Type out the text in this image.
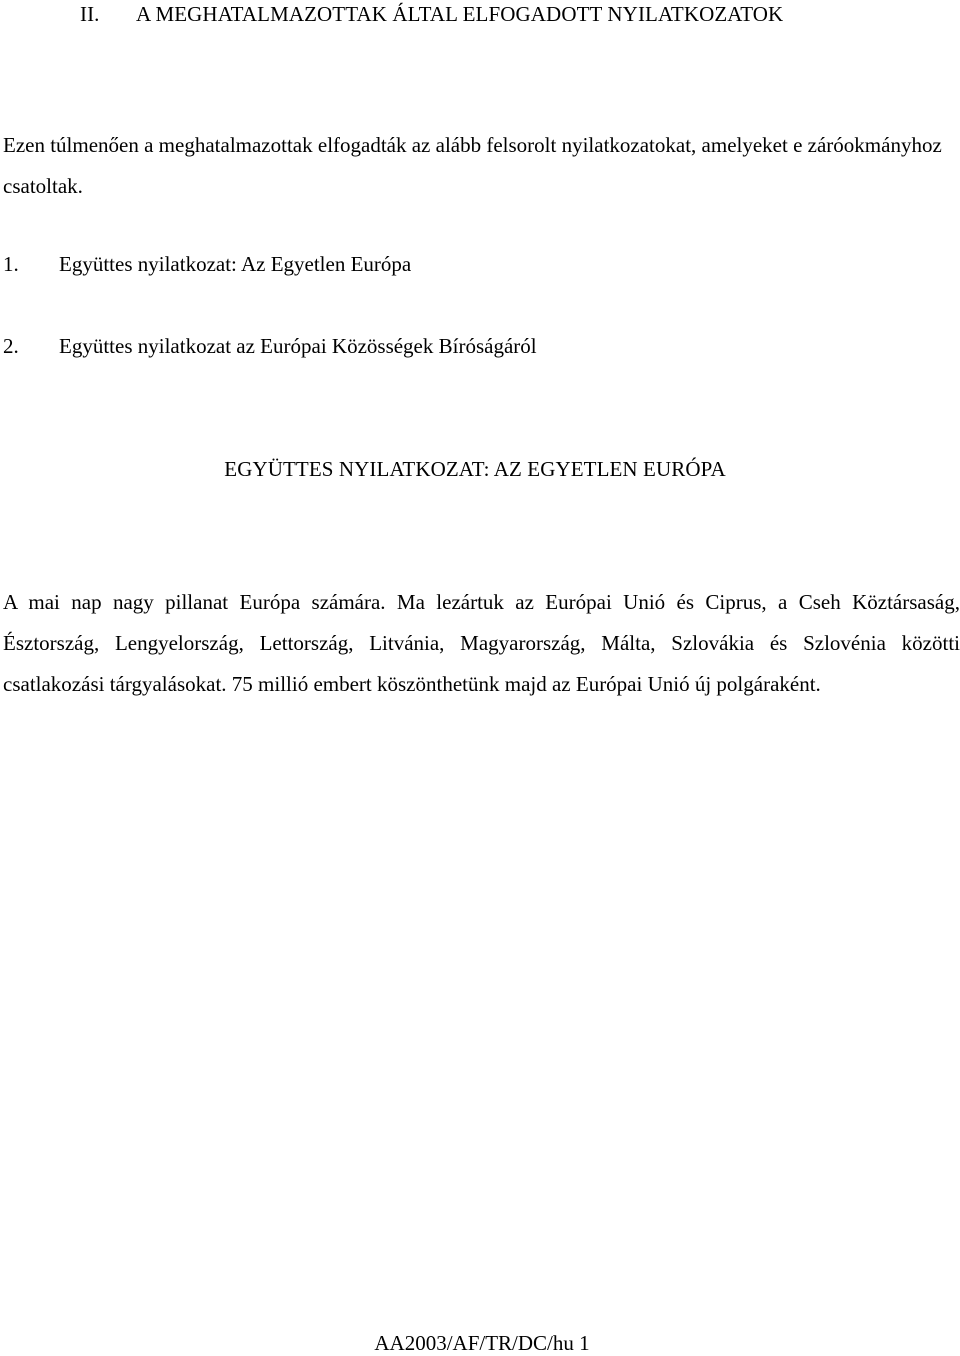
II. A MEGHATALMAZOTTAK ÁLTAL ELFOGADOTT NYILATKOZATOK

Ezen túlmenően a meghatalmazottak elfogadták az alább felsorolt nyilatkozatokat, amelyeket e záróokmányhoz csatoltak.

1. Együttes nyilatkozat: Az Egyetlen Európa
2. Együttes nyilatkozat az Európai Közösségek Bíróságáról
EGYÜTTES NYILATKOZAT: AZ EGYETLEN EURÓPA

A mai nap nagy pillanat Európa számára. Ma lezártuk az Európai Unió és Ciprus, a Cseh Köztársaság, Észtország, Lengyelország, Lettország, Litvánia, Magyarország, Málta, Szlovákia és Szlovénia közötti csatlakozási tárgyalásokat. 75 millió embert köszönthetünk majd az Európai Unió új polgáraként.

AA2003/AF/TR/DC/hu 1
